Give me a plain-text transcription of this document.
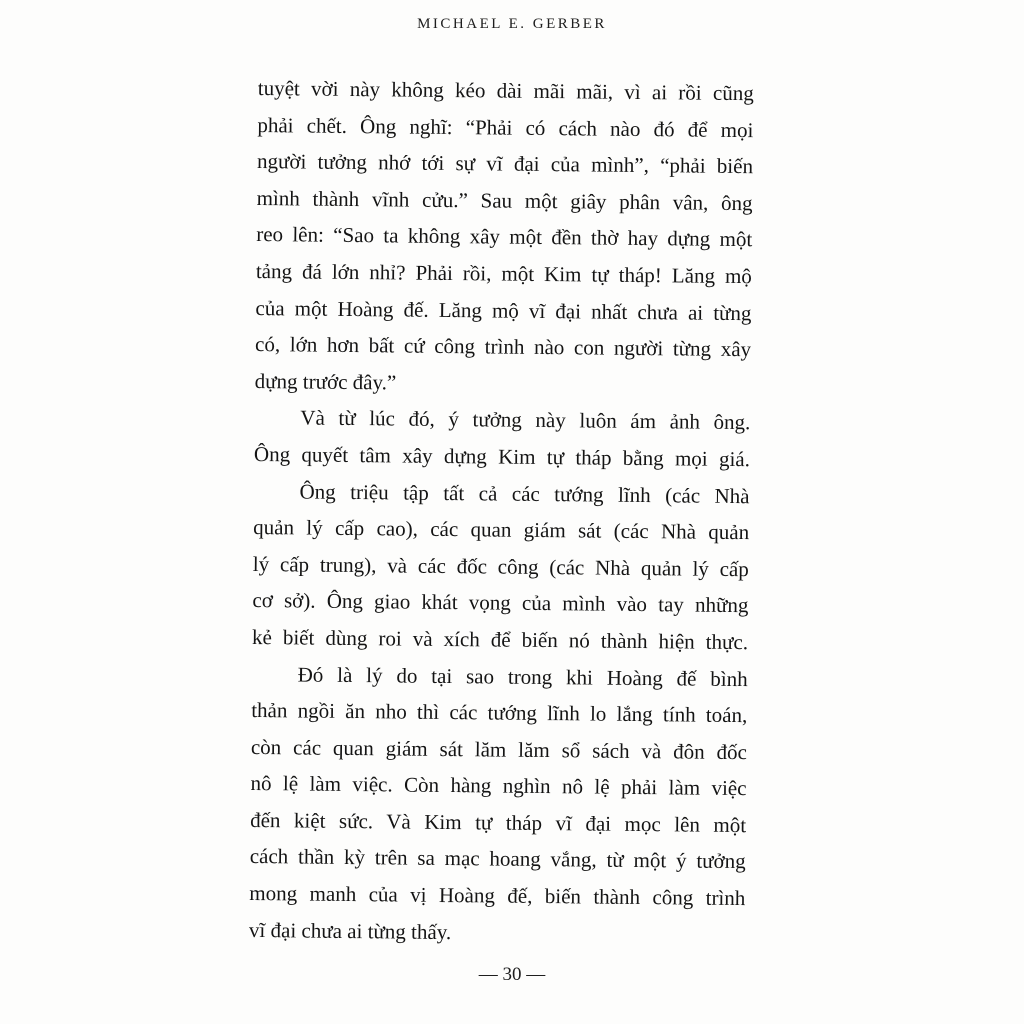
MICHAEL E. GERBER
tuyệt vời này không kéo dài mãi mãi, vì ai rồi cũng
phải chết. Ông nghĩ: “Phải có cách nào đó để mọi
người tưởng nhớ tới sự vĩ đại của mình”, “phải biến
mình thành vĩnh cửu.” Sau một giây phân vân, ông
reo lên: “Sao ta không xây một đền thờ hay dựng một
tảng đá lớn nhỉ? Phải rồi, một Kim tự tháp! Lăng mộ
của một Hoàng đế. Lăng mộ vĩ đại nhất chưa ai từng
có, lớn hơn bất cứ công trình nào con người từng xây
dựng trước đây.”
Và từ lúc đó, ý tưởng này luôn ám ảnh ông.
Ông quyết tâm xây dựng Kim tự tháp bằng mọi giá.
Ông triệu tập tất cả các tướng lĩnh (các Nhà
quản lý cấp cao), các quan giám sát (các Nhà quản
lý cấp trung), và các đốc công (các Nhà quản lý cấp
cơ sở). Ông giao khát vọng của mình vào tay những
kẻ biết dùng roi và xích để biến nó thành hiện thực.
Đó là lý do tại sao trong khi Hoàng đế bình
thản ngồi ăn nho thì các tướng lĩnh lo lắng tính toán,
còn các quan giám sát lăm lăm sổ sách và đôn đốc
nô lệ làm việc. Còn hàng nghìn nô lệ phải làm việc
đến kiệt sức. Và Kim tự tháp vĩ đại mọc lên một
cách thần kỳ trên sa mạc hoang vắng, từ một ý tưởng
mong manh của vị Hoàng đế, biến thành công trình
vĩ đại chưa ai từng thấy.
— 30 —
